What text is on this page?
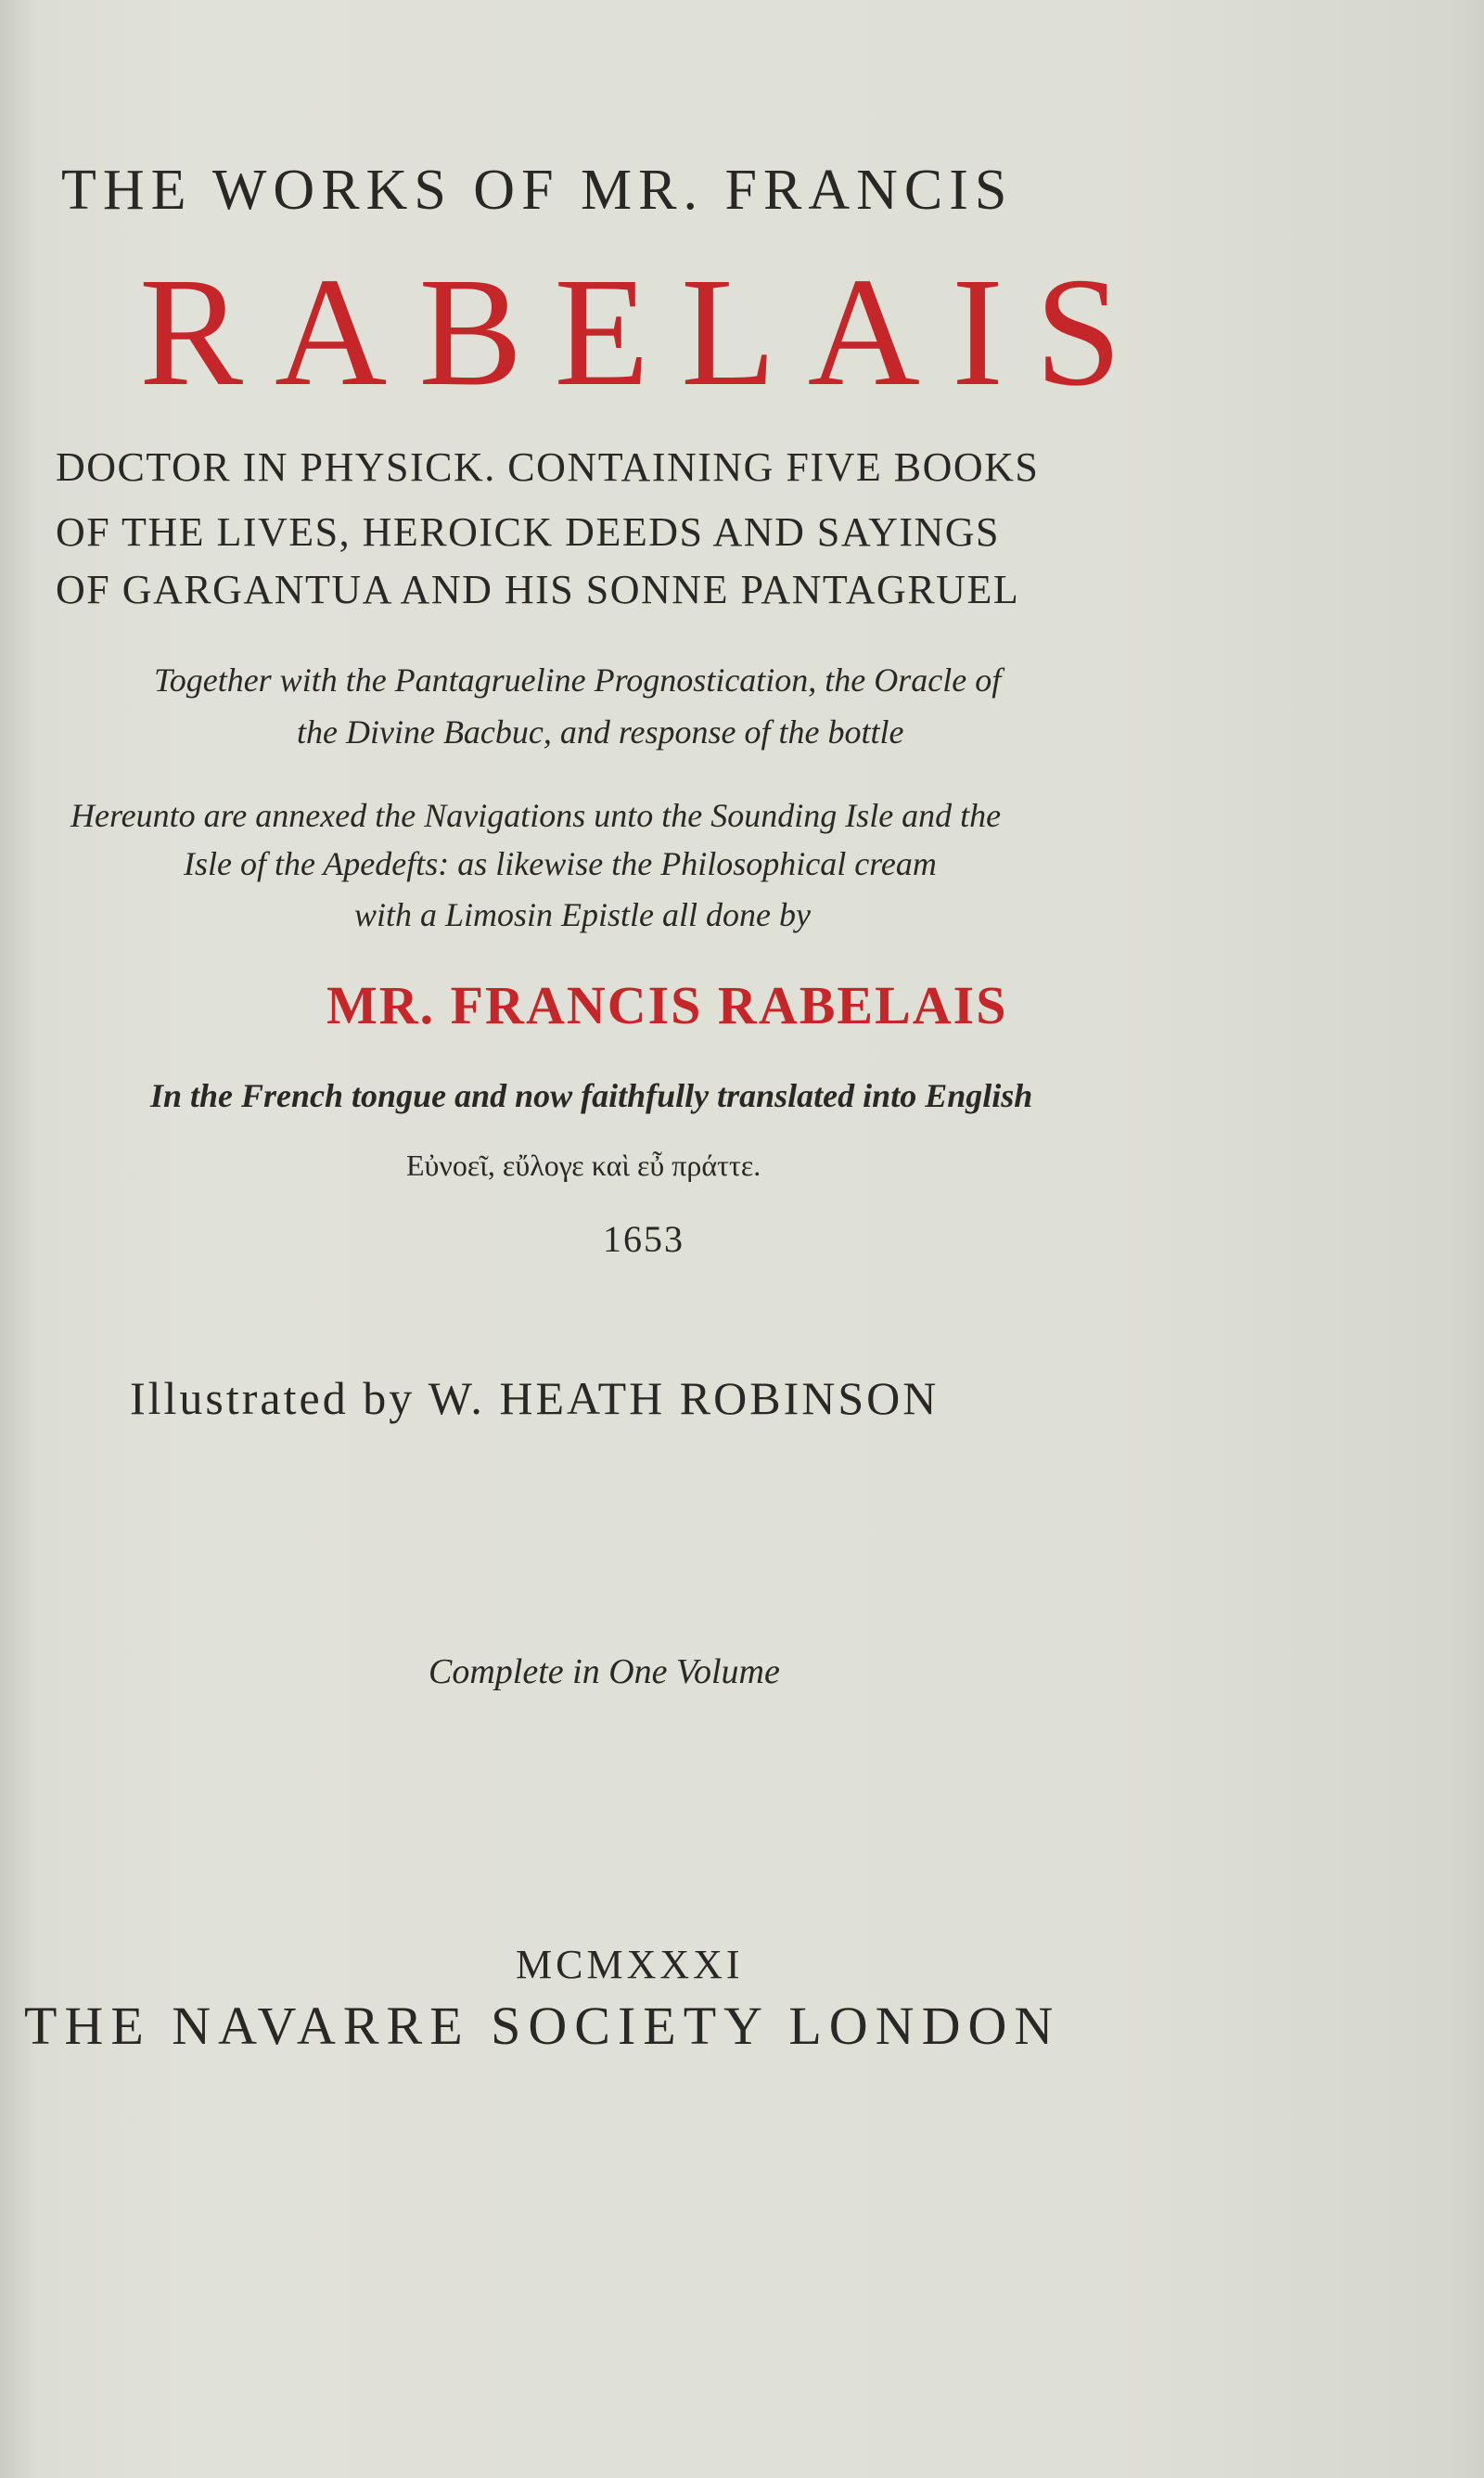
THE WORKS OF MR. FRANCIS
RABELAIS
DOCTOR IN PHYSICK. CONTAINING FIVE BOOKS
OF THE LIVES, HEROICK DEEDS AND SAYINGS
OF GARGANTUA AND HIS SONNE PANTAGRUEL
Together with the Pantagrueline Prognostication, the Oracle of
the Divine Bacbuc, and response of the bottle
Hereunto are annexed the Navigations unto the Sounding Isle and the
Isle of the Apedefts: as likewise the Philosophical cream
with a Limosin Epistle all done by
MR. FRANCIS RABELAIS
In the French tongue and now faithfully translated into English
Εὐνοεῖ, εὔλογε καὶ εὖ πράττε.
1653
Illustrated by W. HEATH ROBINSON
Complete in One Volume
MCMXXXI
THE NAVARRE SOCIETY LONDON
